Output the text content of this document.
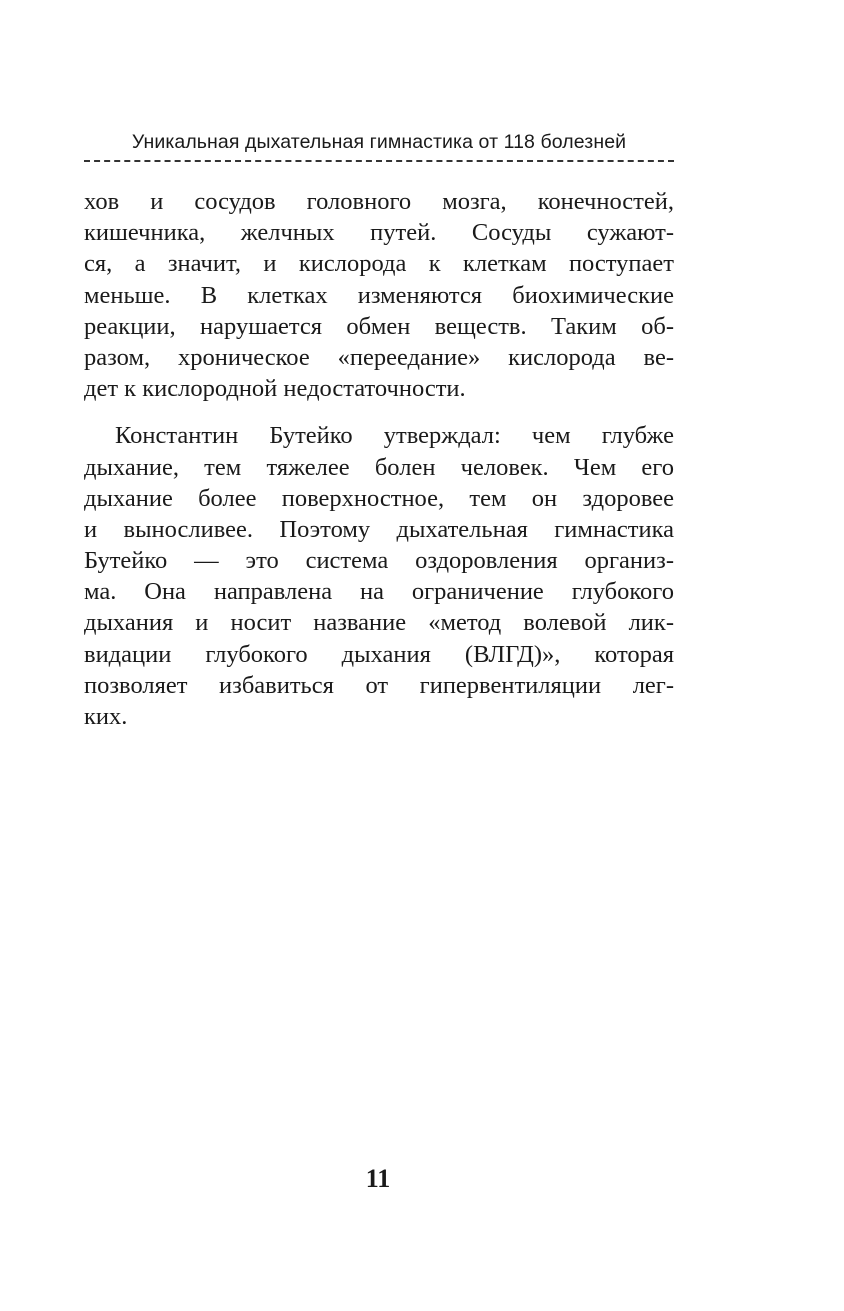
Уникальная дыхательная гимнастика от 118 болезней
хов и сосудов головного мозга, конечностей,
кишечника, желчных путей. Сосуды сужают-
ся, а значит, и кислорода к клеткам поступает
меньше. В клетках изменяются биохимические
реакции, нарушается обмен веществ. Таким об-
разом, хроническое «переедание» кислорода ве-
дет к кислородной недостаточности.
Константин Бутейко утверждал: чем глубже
дыхание, тем тяжелее болен человек. Чем его
дыхание более поверхностное, тем он здоровее
и выносливее. Поэтому дыхательная гимнастика
Бутейко — это система оздоровления организ-
ма. Она направлена на ограничение глубокого
дыхания и носит название «метод волевой лик-
видации глубокого дыхания (ВЛГД)», которая
позволяет избавиться от гипервентиляции лег-
ких.
11
